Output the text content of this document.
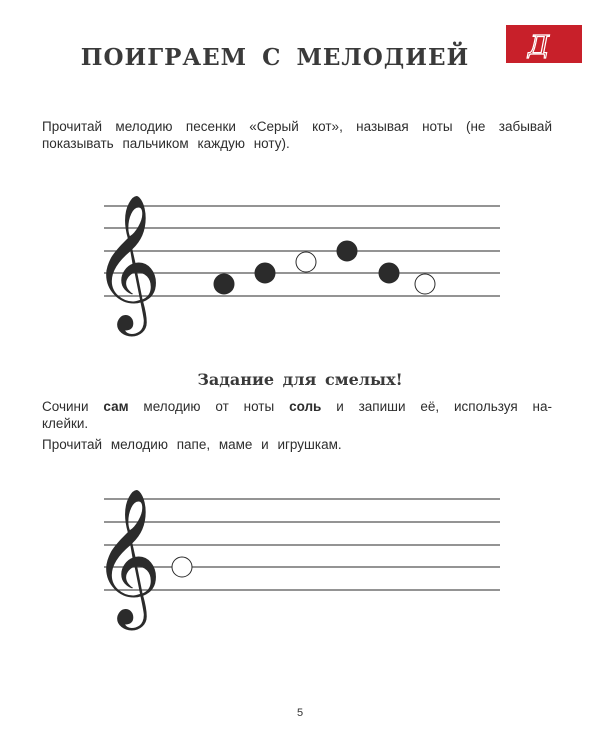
ПОИГРАЕМ С МЕЛОДИЕЙ	Д
Прочитай мелодию песенки «Серый кот», называя ноты (не забывай
показывать пальчиком каждую ноту).
𝄞
Задание для смелых!
Сочини сам мелодию от ноты соль и запиши её, используя на-
клейки.
Прочитай мелодию папе, маме и игрушкам.
𝄞
5
